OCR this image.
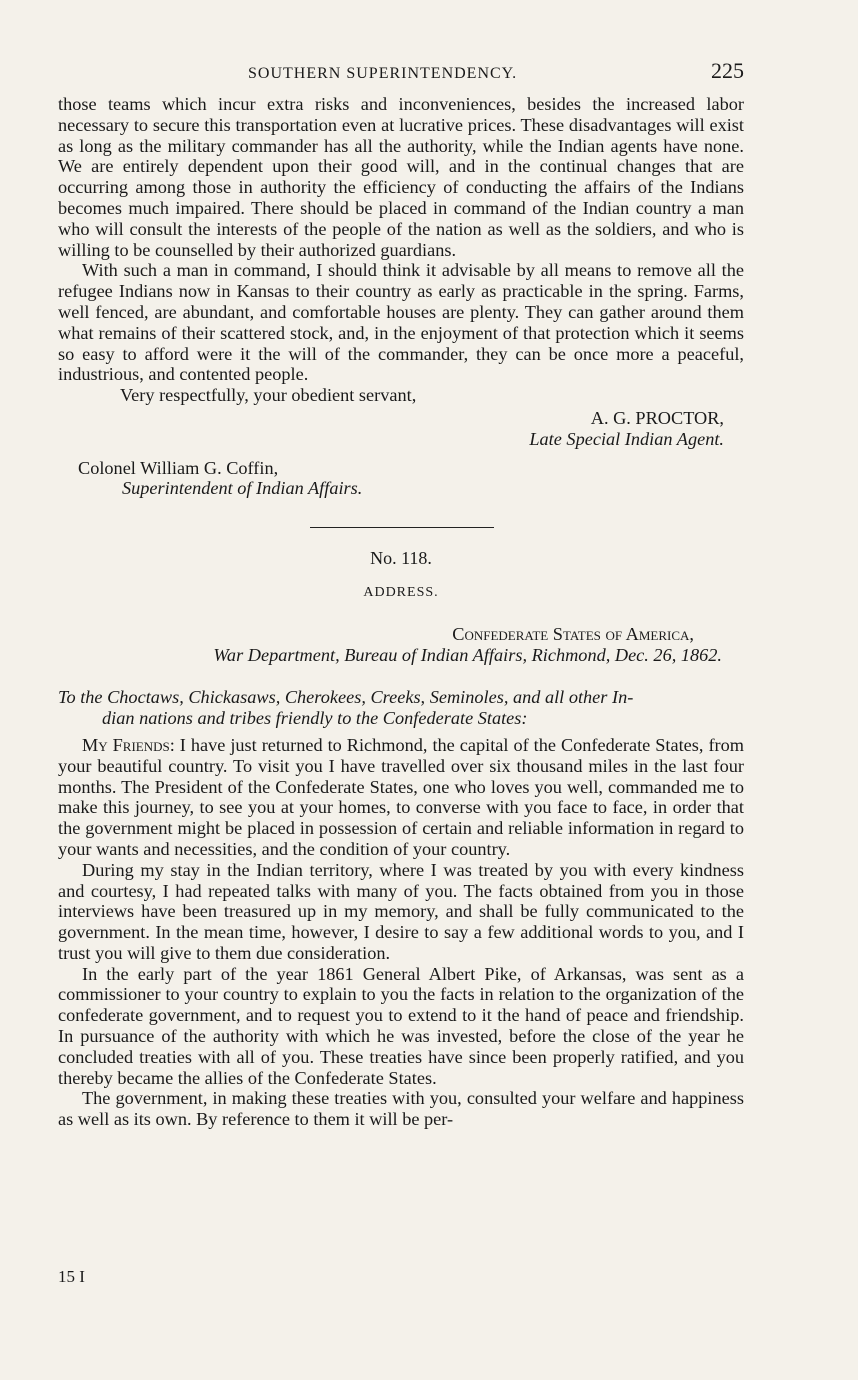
SOUTHERN SUPERINTENDENCY.	225

those teams which incur extra risks and inconveniences, besides the increased labor necessary to secure this transportation even at lucrative prices. These disadvantages will exist as long as the military commander has all the authority, while the Indian agents have none. We are entirely dependent upon their good will, and in the continual changes that are occurring among those in authority the efficiency of conducting the affairs of the Indians becomes much impaired. There should be placed in command of the Indian country a man who will consult the interests of the people of the nation as well as the soldiers, and who is willing to be counselled by their authorized guardians.

With such a man in command, I should think it advisable by all means to remove all the refugee Indians now in Kansas to their country as early as practicable in the spring. Farms, well fenced, are abundant, and comfortable houses are plenty. They can gather around them what remains of their scattered stock, and, in the enjoyment of that protection which it seems so easy to afford were it the will of the commander, they can be once more a peaceful, industrious, and contented people.

Very respectfully, your obedient servant,

A. G. PROCTOR,

Late Special Indian Agent.

Colonel William G. Coffin,

Superintendent of Indian Affairs.

No. 118.

ADDRESS.

Confederate States of America,

War Department, Bureau of Indian Affairs, Richmond, Dec. 26, 1862.

To the Choctaws, Chickasaws, Cherokees, Creeks, Seminoles, and all other In-
dian nations and tribes friendly to the Confederate States:

My Friends: I have just returned to Richmond, the capital of the Confederate States, from your beautiful country. To visit you I have travelled over six thousand miles in the last four months. The President of the Confederate States, one who loves you well, commanded me to make this journey, to see you at your homes, to converse with you face to face, in order that the government might be placed in possession of certain and reliable information in regard to your wants and necessities, and the condition of your country.

During my stay in the Indian territory, where I was treated by you with every kindness and courtesy, I had repeated talks with many of you. The facts obtained from you in those interviews have been treasured up in my memory, and shall be fully communicated to the government. In the mean time, however, I desire to say a few additional words to you, and I trust you will give to them due consideration.

In the early part of the year 1861 General Albert Pike, of Arkansas, was sent as a commissioner to your country to explain to you the facts in relation to the organization of the confederate government, and to request you to extend to it the hand of peace and friendship. In pursuance of the authority with which he was invested, before the close of the year he concluded treaties with all of you. These treaties have since been properly ratified, and you thereby became the allies of the Confederate States.

The government, in making these treaties with you, consulted your welfare and happiness as well as its own. By reference to them it will be per-

15 I
